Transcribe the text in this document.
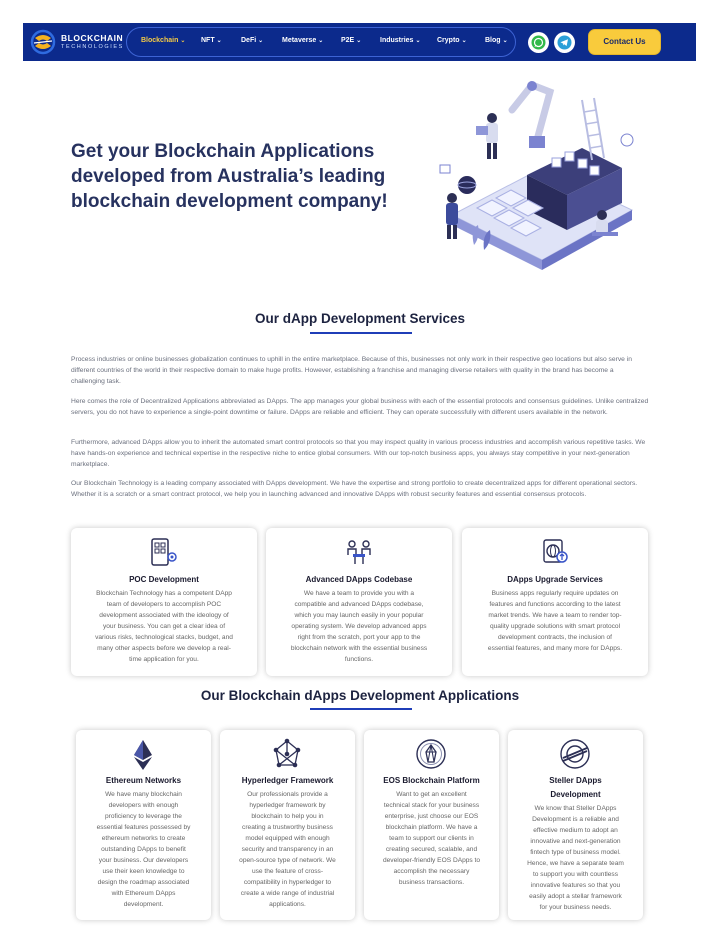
BLOCKCHAIN
TECHNOLOGIES
Blockchain ⌄ NFT ⌄	DeFi ⌄	Metaverse ⌄	P2E ⌄	Industries ⌄ Crypto ⌄	Blog ⌄	Contact Us
Get your Blockchain Applications developed from Australia’s leading blockchain development company!
Our dApp Development Services
Process industries or online businesses globalization continues to uphill in the entire marketplace. Because of this, businesses not only work in their respective geo locations but also serve in different countries of the world in their respective domain to make huge profits. However, establishing a franchise and managing diverse retailers with quality in the brand has become a challenging task.
Here comes the role of Decentralized Applications abbreviated as DApps. The app manages your global business with each of the essential protocols and consensus guidelines. Unlike centralized servers, you do not have to experience a single-point downtime or failure. DApps are reliable and efficient. They can operate successfully with different users available in the network.
Furthermore, advanced DApps allow you to inherit the automated smart control protocols so that you may inspect quality in various process industries and accomplish various repetitive tasks. We have hands-on experience and technical expertise in the respective niche to entice global consumers. With our top-notch business apps, you always stay competitive in your next-generation marketplace.
Our Blockchain Technology is a leading company associated with DApps development. We have the expertise and strong portfolio to create decentralized apps for different operational sectors. Whether it is a scratch or a smart contract protocol, we help you in launching advanced and innovative DApps with robust security features and essential consensus protocols.
POC Development
Blockchain Technology has a competent DApp
team of developers to accomplish POC
development associated with the ideology of
your business. You can get a clear idea of
various risks, technological stacks, budget, and
many other aspects before we develop a real-
time application for you.
Advanced DApps Codebase
We have a team to provide you with a
compatible and advanced DApps codebase,
which you may launch easily in your popular
operating system. We develop advanced apps
right from the scratch, port your app to the
blockchain network with the essential business
functions.
DApps Upgrade Services
Business apps regularly require updates on
features and functions according to the latest
market trends. We have a team to render top-
quality upgrade solutions with smart protocol
development contracts, the inclusion of
essential features, and many more for DApps.
Our Blockchain dApps Development Applications
Ethereum Networks
We have many blockchain
developers with enough
proficiency to leverage the
essential features possessed by
ethereum networks to create
outstanding DApps to benefit
your business. Our developers
use their keen knowledge to
design the roadmap associated
with Ethereum DApps
development.
Hyperledger Framework
Our professionals provide a
hyperledger framework by
blockchain to help you in
creating a trustworthy business
model equipped with enough
security and transparency in an
open-source type of network. We
use the feature of cross-
compatibility in hyperledger to
create a wide range of industrial
applications.
EOS Blockchain Platform
Want to get an excellent
technical stack for your business
enterprise, just choose our EOS
blockchain platform. We have a
team to support our clients in
creating secured, scalable, and
developer-friendly EOS DApps to
accomplish the necessary
business transactions.
Steller DApps
Development
We know that Steller DApps
Development is a reliable and
effective medium to adopt an
innovative and next-generation
fintech type of business model.
Hence, we have a separate team
to support you with countless
innovative features so that you
easily adopt a stellar framework
for your business needs.
